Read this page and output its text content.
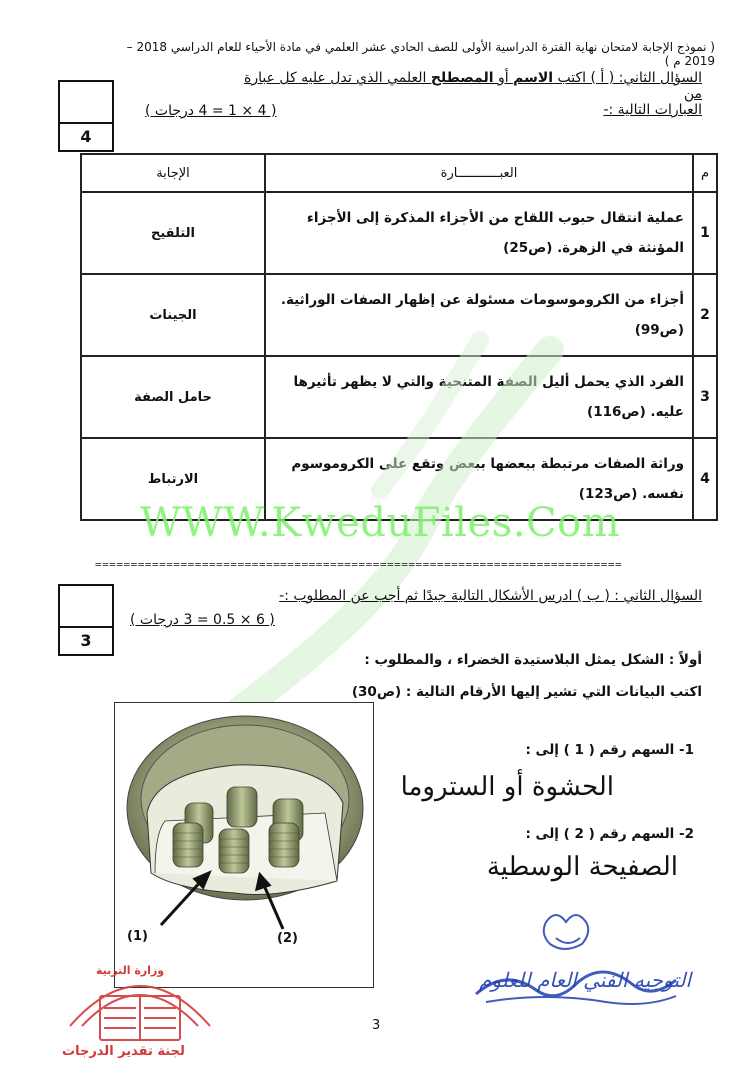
( نموذج الإجابة لامتحان نهاية الفترة الدراسية الأولى للصف الحادي عشر العلمي في مادة الأحياء للعام الدراسي 2018 – 2019 م )
4
السؤال الثاني: ( أ ) اكتب الاسم أو المصطلح العلمي الذي تدل عليه كل عبارة من
العبارات التالية :-
( 4 × 1 = 4 درجات )
م	العبـــــــــــارة	الإجابة
1	عملية انتقال حبوب اللقاح من الأجزاء المذكرة إلى الأجزاء المؤنثة في الزهرة. (ص25)	التلقيح
2	أجزاء من الكروموسومات مسئولة عن إظهار الصفات الوراثية. (ص99)	الجينات
3	الفرد الذي يحمل أليل الصفة المتنحية والتي لا يظهر تأثيرها عليه. (ص116)	حامل الصفة
4	وراثة الصفات مرتبطة ببعضها ببعض وتقع على الكروموسوم نفسه. (ص123)	الارتباط
WWW.KweduFiles.Com
==========================================================================
3
السؤال الثاني : ( ب ) ادرس الأشكال التالية جيدًا ثم أجب عن المطلوب :-
( 6 × 0.5 = 3 درجات )
أولاً : الشكل يمثل البلاستيدة الخضراء ، والمطلوب :
اكتب البيانات التي تشير إليها الأرقام التالية : (ص30)
(1)	(2)
1- السهم رقم ( 1 ) إلى :
الحشوة أو الستروما
2- السهم رقم ( 2 ) إلى :
الصفيحة الوسطية
التوجيه الفني العام للعلوم
وزارة التربية
لجنة تقدير الدرجات
3
